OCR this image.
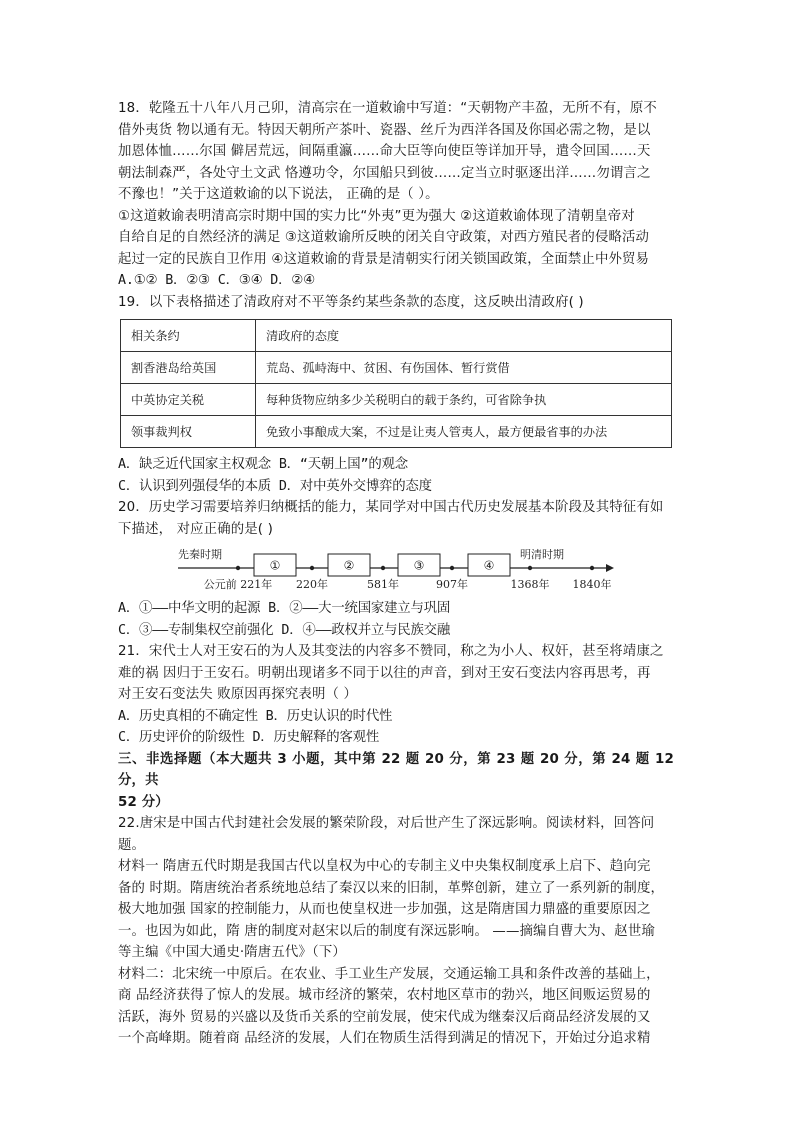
18．乾隆五十八年八月己卯，清高宗在一道敕谕中写道：“天朝物产丰盈，无所不有，原不

借外夷货 物以通有无。特因天朝所产茶叶、瓷器、丝斤为西洋各国及你国必需之物，是以

加恩体恤……尔国 僻居荒远，间隔重瀛……命大臣等向使臣等详加开导，遣令回国……天

朝法制森严，各处守土文武 恪遵功令，尔国船只到彼……定当立时驱逐出洋……勿谓言之

不豫也！”关于这道敕谕的以下说法， 正确的是（ ）。

①这道敕谕表明清高宗时期中国的实力比“外夷”更为强大 ②这道敕谕体现了清朝皇帝对

自给自足的自然经济的满足 ③这道敕谕所反映的闭关自守政策，对西方殖民者的侵略活动

起过一定的民族自卫作用 ④这道敕谕的背景是清朝实行闭关锁国政策，全面禁止中外贸易

A.①② B．②③ C．③④ D．②④

19．以下表格描述了清政府对不平等条约某些条款的态度，这反映出清政府( )

相关条约	清政府的态度
割香港岛给英国	荒岛、孤峙海中、贫困、有伤国体、暂行赏借
中英协定关税	每种货物应纳多少关税明白的载于条约，可省除争执
领事裁判权	免致小事酿成大案，不过是让夷人管夷人，最方便最省事的办法

A．缺乏近代国家主权观念 B．“天朝上国”的观念

C．认识到列强侵华的本质 D．对中英外交博弈的态度

20．历史学习需要培养归纳概括的能力，某同学对中国古代历史发展基本阶段及其特征有如

下描述， 对应正确的是( )

先秦时期	明清时期
①	②	③	④
公元前 221年 220年	581年	907年	1368年 1840年

A．①——中华文明的起源 B．②——大一统国家建立与巩固

C．③——专制集权空前强化 D．④——政权并立与民族交融

21．宋代士人对王安石的为人及其变法的内容多不赞同，称之为小人、权奸，甚至将靖康之

难的祸 因归于王安石。明朝出现诸多不同于以往的声音，到对王安石变法内容再思考，再

对王安石变法失 败原因再探究表明（ ）

A．历史真相的不确定性 B．历史认识的时代性

C．历史评价的阶级性 D．历史解释的客观性

三、非选择题（本大题共 3 小题，其中第 22 题 20 分，第 23 题 20 分，第 24 题 12 分，共

52 分）

22.唐宋是中国古代封建社会发展的繁荣阶段，对后世产生了深远影响。阅读材料，回答问

题。

材料一 隋唐五代时期是我国古代以皇权为中心的专制主义中央集权制度承上启下、趋向完

备的 时期。隋唐统治者系统地总结了秦汉以来的旧制，革弊创新，建立了一系列新的制度，

极大地加强 国家的控制能力，从而也使皇权进一步加强，这是隋唐国力鼎盛的重要原因之

一。也因为如此，隋 唐的制度对赵宋以后的制度有深远影响。 ——摘编自曹大为、赵世瑜

等主编《中国大通史·隋唐五代》（下）

材料二：北宋统一中原后。在农业、手工业生产发展，交通运输工具和条件改善的基础上，

商 品经济获得了惊人的发展。城市经济的繁荣，农村地区草市的勃兴，地区间贩运贸易的

活跃，海外 贸易的兴盛以及货币关系的空前发展，使宋代成为继秦汉后商品经济发展的又

一个高峰期。随着商 品经济的发展，人们在物质生活得到满足的情况下，开始过分追求精
